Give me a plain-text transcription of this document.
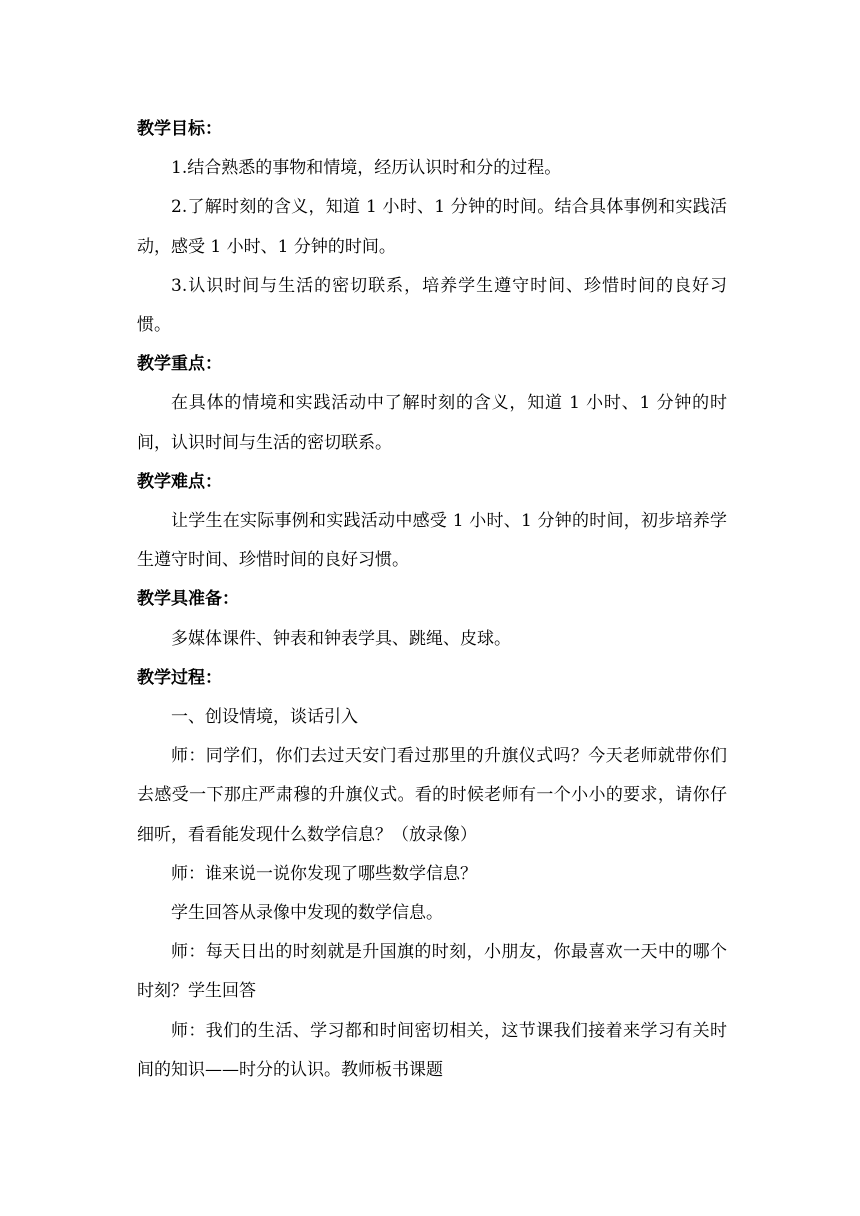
教学目标：

1.结合熟悉的事物和情境，经历认识时和分的过程。

2.了解时刻的含义，知道 1 小时、1 分钟的时间。结合具体事例和实践活动，感受 1 小时、1 分钟的时间。

3.认识时间与生活的密切联系，培养学生遵守时间、珍惜时间的良好习惯。

教学重点：

在具体的情境和实践活动中了解时刻的含义，知道 1 小时、1 分钟的时间，认识时间与生活的密切联系。

教学难点：

让学生在实际事例和实践活动中感受 1 小时、1 分钟的时间，初步培养学生遵守时间、珍惜时间的良好习惯。

教学具准备：

多媒体课件、钟表和钟表学具、跳绳、皮球。

教学过程：

一、创设情境，谈话引入

师：同学们，你们去过天安门看过那里的升旗仪式吗？今天老师就带你们去感受一下那庄严肃穆的升旗仪式。看的时候老师有一个小小的要求，请你仔细听，看看能发现什么数学信息？（放录像）

师：谁来说一说你发现了哪些数学信息？

学生回答从录像中发现的数学信息。

师：每天日出的时刻就是升国旗的时刻，小朋友，你最喜欢一天中的哪个时刻？学生回答

师：我们的生活、学习都和时间密切相关，这节课我们接着来学习有关时间的知识——时分的认识。教师板书课题
